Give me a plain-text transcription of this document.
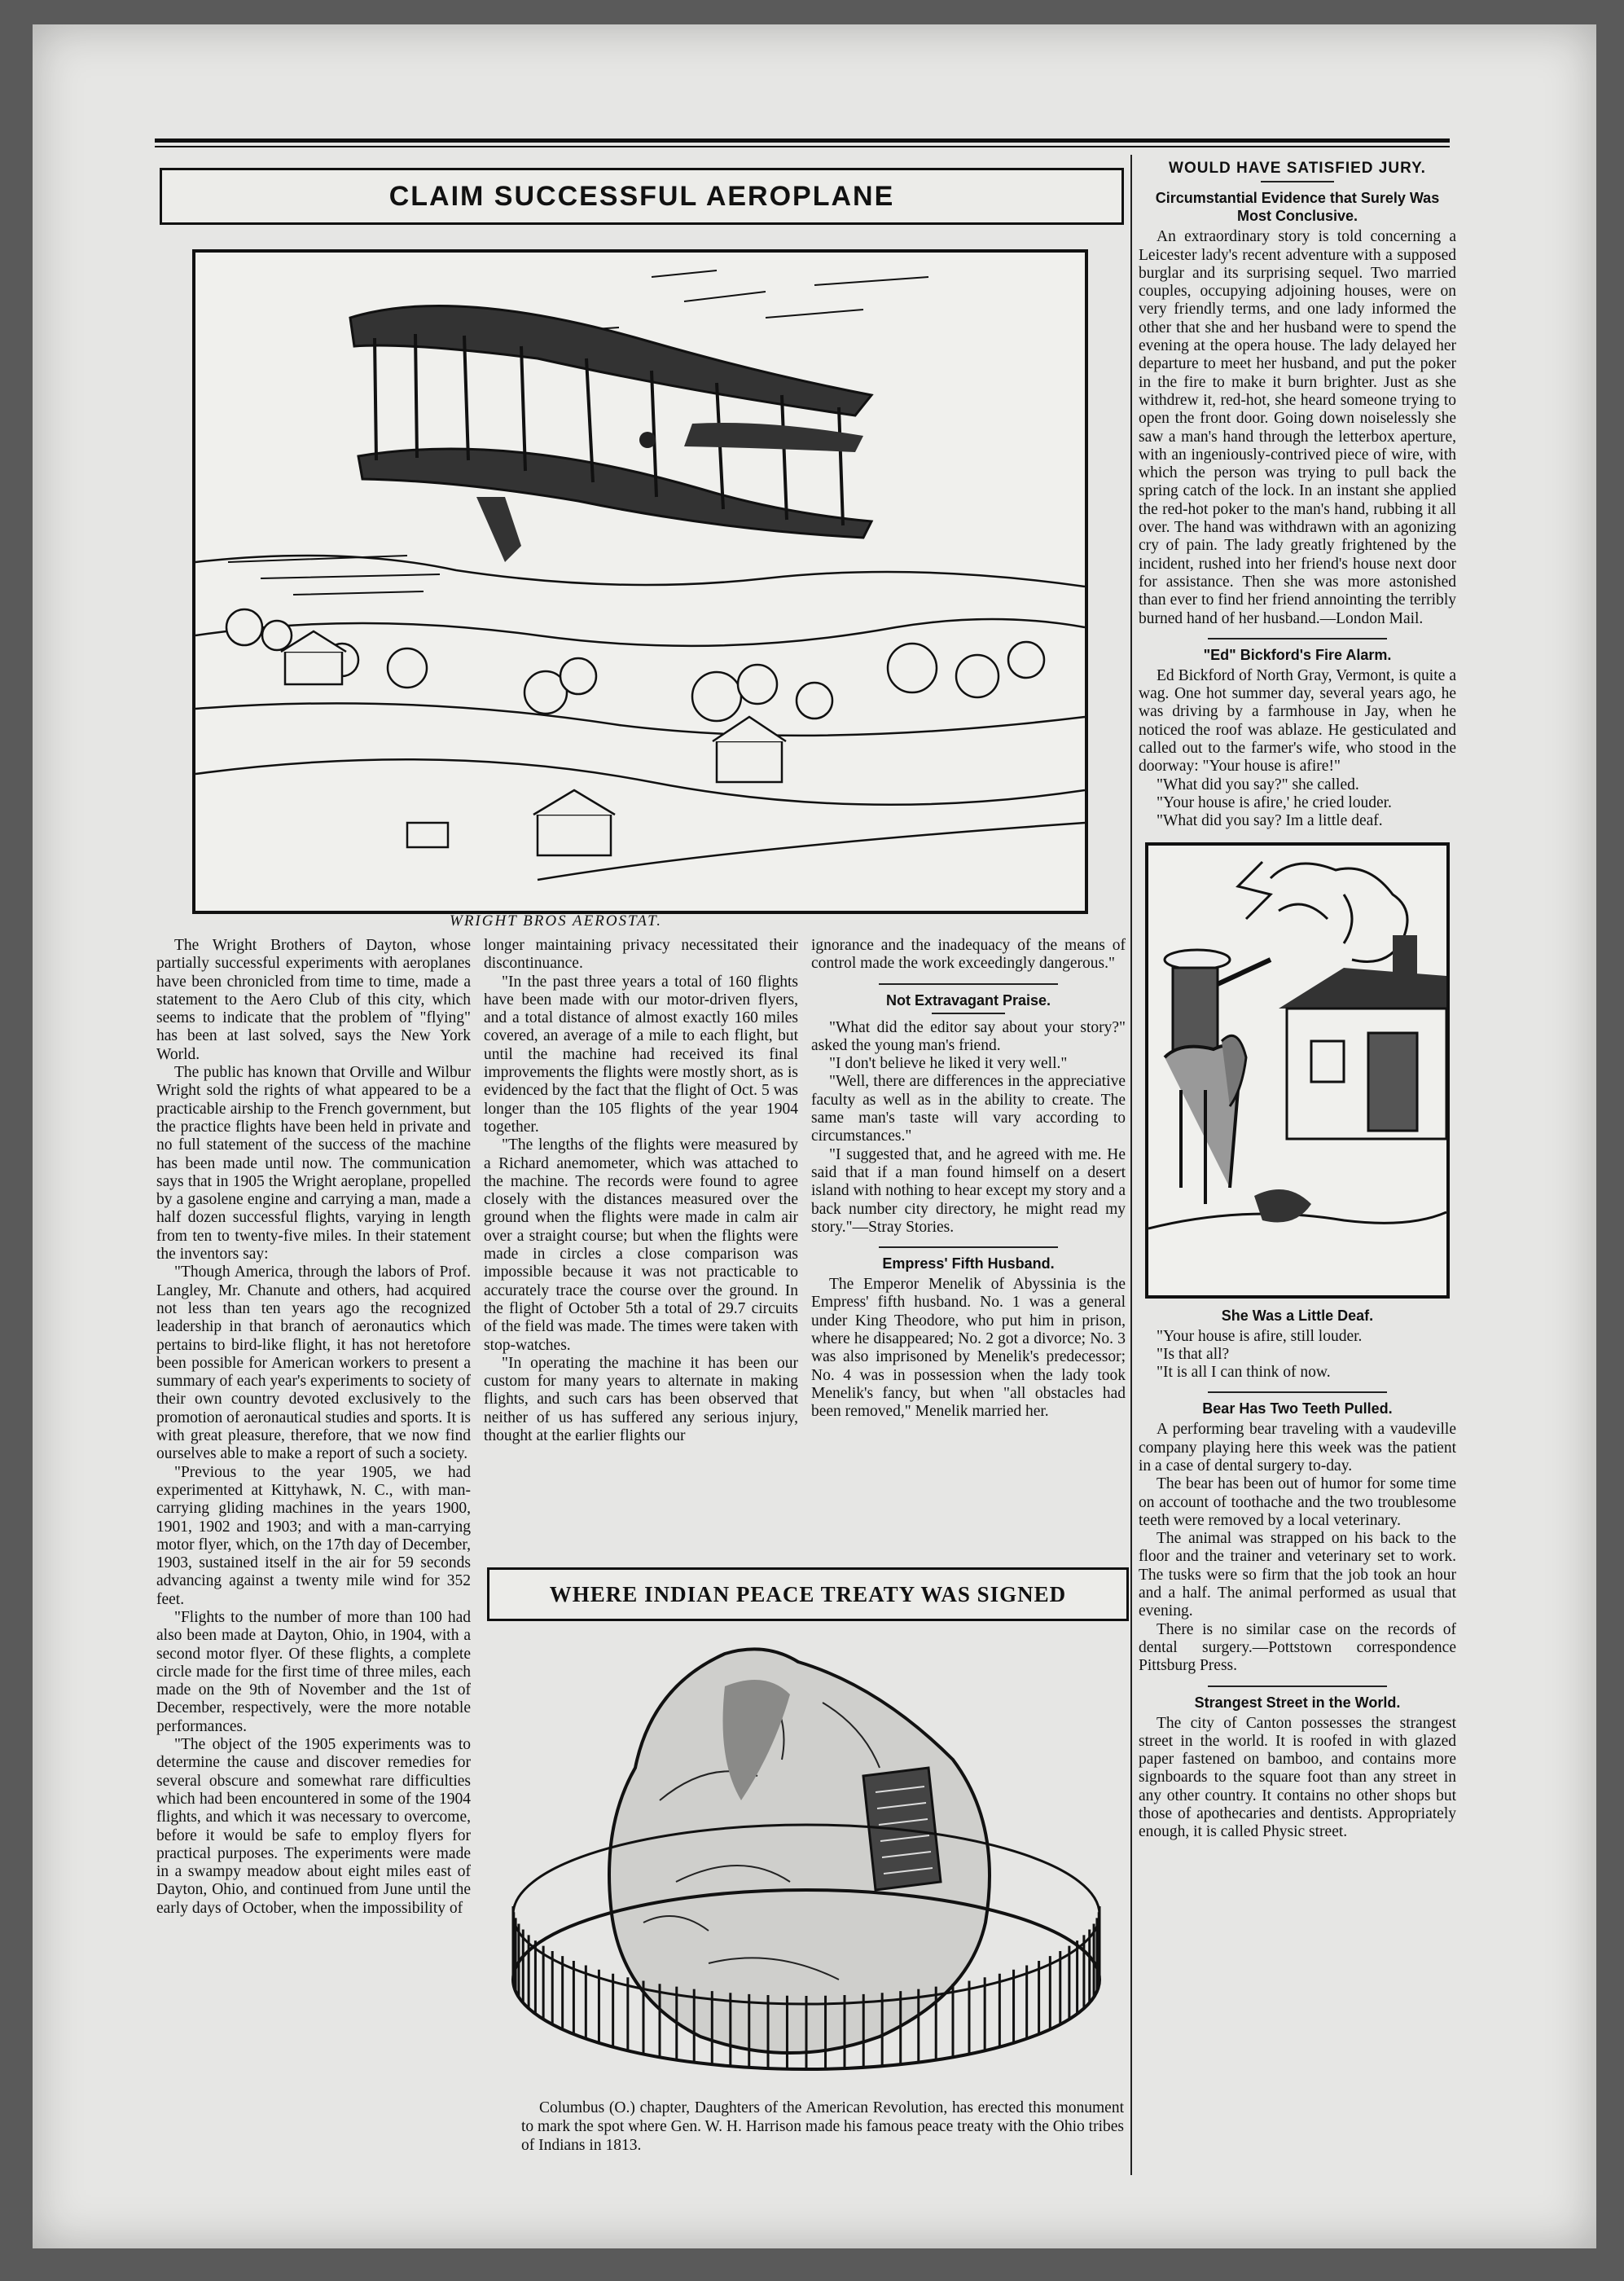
CLAIM SUCCESSFUL AEROPLANE
WRIGHT BROS AEROSTAT.

The Wright Brothers of Dayton, whose partially successful experiments with aeroplanes have been chronicled from time to time, made a statement to the Aero Club of this city, which seems to indicate that the problem of "flying" has been at last solved, says the New York World.

The public has known that Orville and Wilbur Wright sold the rights of what appeared to be a practicable airship to the French government, but the practice flights have been held in private and no full statement of the success of the machine has been made until now. The communication says that in 1905 the Wright aeroplane, propelled by a gasolene engine and carrying a man, made a half dozen successful flights, varying in length from ten to twenty-five miles. In their statement the inventors say:

"Though America, through the labors of Prof. Langley, Mr. Chanute and others, had acquired not less than ten years ago the recognized leadership in that branch of aeronautics which pertains to bird-like flight, it has not heretofore been possible for American workers to present a summary of each year's experiments to society of their own country devoted exclusively to the promotion of aeronautical studies and sports. It is with great pleasure, therefore, that we now find ourselves able to make a report of such a society.

"Previous to the year 1905, we had experimented at Kittyhawk, N. C., with man-carrying gliding machines in the years 1900, 1901, 1902 and 1903; and with a man-carrying motor flyer, which, on the 17th day of December, 1903, sustained itself in the air for 59 seconds advancing against a twenty mile wind for 352 feet.

"Flights to the number of more than 100 had also been made at Dayton, Ohio, in 1904, with a second motor flyer. Of these flights, a complete circle made for the first time of three miles, each made on the 9th of November and the 1st of December, respectively, were the more notable performances.

"The object of the 1905 experiments was to determine the cause and discover remedies for several obscure and somewhat rare difficulties which had been encountered in some of the 1904 flights, and which it was necessary to overcome, before it would be safe to employ flyers for practical purposes. The experiments were made in a swampy meadow about eight miles east of Dayton, Ohio, and continued from June until the early days of October, when the impossibility of

longer maintaining privacy necessitated their discontinuance.

"In the past three years a total of 160 flights have been made with our motor-driven flyers, and a total distance of almost exactly 160 miles covered, an average of a mile to each flight, but until the machine had received its final improvements the flights were mostly short, as is evidenced by the fact that the flight of Oct. 5 was longer than the 105 flights of the year 1904 together.

"The lengths of the flights were measured by a Richard anemometer, which was attached to the machine. The records were found to agree closely with the distances measured over the ground when the flights were made in calm air over a straight course; but when the flights were made in circles a close comparison was impossible because it was not practicable to accurately trace the course over the ground. In the flight of October 5th a total of 29.7 circuits of the field was made. The times were taken with stop-watches.

"In operating the machine it has been our custom for many years to alternate in making flights, and such cars has been observed that neither of us has suffered any serious injury, thought at the earlier flights our

ignorance and the inadequacy of the means of control made the work exceedingly dangerous."

Not Extravagant Praise.

"What did the editor say about your story?" asked the young man's friend.

"I don't believe he liked it very well."

"Well, there are differences in the appreciative faculty as well as in the ability to create. The same man's taste will vary according to circumstances."

"I suggested that, and he agreed with me. He said that if a man found himself on a desert island with nothing to hear except my story and a back number city directory, he might read my story."—Stray Stories.

Empress' Fifth Husband.

The Emperor Menelik of Abyssinia is the Empress' fifth husband. No. 1 was a general under King Theodore, who put him in prison, where he disappeared; No. 2 got a divorce; No. 3 was also imprisoned by Menelik's predecessor; No. 4 was in possession when the lady took Menelik's fancy, but when "all obstacles had been removed," Menelik married her.

WHERE INDIAN PEACE TREATY WAS SIGNED

Columbus (O.) chapter, Daughters of the American Revolution, has erected this monument to mark the spot where Gen. W. H. Harrison made his famous peace treaty with the Ohio tribes of Indians in 1813.

WOULD HAVE SATISFIED JURY.
Circumstantial Evidence that Surely Was Most Conclusive.

An extraordinary story is told concerning a Leicester lady's recent adventure with a supposed burglar and its surprising sequel. Two married couples, occupying adjoining houses, were on very friendly terms, and one lady informed the other that she and her husband were to spend the evening at the opera house. The lady delayed her departure to meet her husband, and put the poker in the fire to make it burn brighter. Just as she withdrew it, red-hot, she heard someone trying to open the front door. Going down noiselessly she saw a man's hand through the letterbox aperture, with an ingeniously-contrived piece of wire, with which the person was trying to pull back the spring catch of the lock. In an instant she applied the red-hot poker to the man's hand, rubbing it all over. The hand was withdrawn with an agonizing cry of pain. The lady greatly frightened by the incident, rushed into her friend's house next door for assistance. Then she was more astonished than ever to find her friend annointing the terribly burned hand of her husband.—London Mail.

"Ed" Bickford's Fire Alarm.

Ed Bickford of North Gray, Vermont, is quite a wag. One hot summer day, several years ago, he was driving by a farmhouse in Jay, when he noticed the roof was ablaze. He gesticulated and called out to the farmer's wife, who stood in the doorway: "Your house is afire!"

"What did you say?" she called.

"Your house is afire,' he cried louder.

"What did you say? Im a little deaf.

She Was a Little Deaf.

"Your house is afire, still louder.

"Is that all?

"It is all I can think of now.

Bear Has Two Teeth Pulled.

A performing bear traveling with a vaudeville company playing here this week was the patient in a case of dental surgery to-day.

The bear has been out of humor for some time on account of toothache and the two troublesome teeth were removed by a local veterinary.

The animal was strapped on his back to the floor and the trainer and veterinary set to work. The tusks were so firm that the job took an hour and a half. The animal performed as usual that evening.

There is no similar case on the records of dental surgery.—Pottstown correspondence Pittsburg Press.

Strangest Street in the World.

The city of Canton possesses the strangest street in the world. It is roofed in with glazed paper fastened on bamboo, and contains more signboards to the square foot than any street in any other country. It contains no other shops but those of apothecaries and dentists. Appropriately enough, it is called Physic street.
